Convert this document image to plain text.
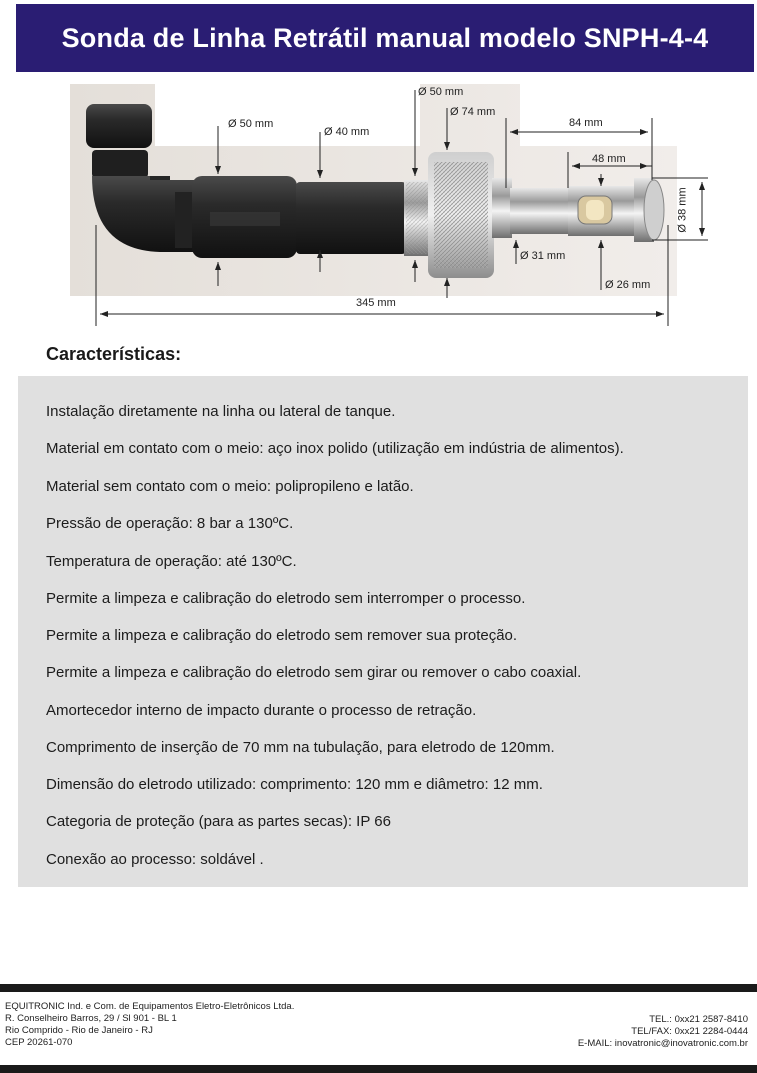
Sonda de Linha Retrátil manual modelo SNPH-4-4
Ø 50 mm
Ø 40 mm
Ø 50 mm
Ø 74 mm
84 mm
48 mm
Ø 38 mm
Ø 31 mm
Ø 26 mm
345 mm
Características:
Instalação diretamente na linha ou lateral de tanque.
Material em contato com o meio: aço inox polido (utilização em indústria de alimentos).
Material sem contato com o meio: polipropileno e latão.
Pressão de operação: 8 bar a 130ºC.
Temperatura de operação: até 130ºC.
Permite a limpeza e calibração do eletrodo sem interromper o processo.
Permite a limpeza e calibração do eletrodo sem remover sua proteção.
Permite a limpeza e calibração do eletrodo sem girar ou remover o cabo coaxial.
Amortecedor interno de impacto durante o processo de retração.
Comprimento de inserção de 70 mm na tubulação, para eletrodo de 120mm.
Dimensão do eletrodo utilizado: comprimento: 120 mm e diâmetro: 12 mm.
Categoria de proteção (para as partes secas): IP 66
Conexão ao processo: soldável .
EQUITRONIC Ind. e Com. de Equipamentos Eletro-Eletrônicos Ltda.
R. Conselheiro Barros, 29 / Sl 901 - BL 1
Rio Comprido - Rio de Janeiro - RJ
CEP 20261-070
TEL.: 0xx21 2587-8410
TEL/FAX: 0xx21 2284-0444
E-MAIL: inovatronic@inovatronic.com.br
